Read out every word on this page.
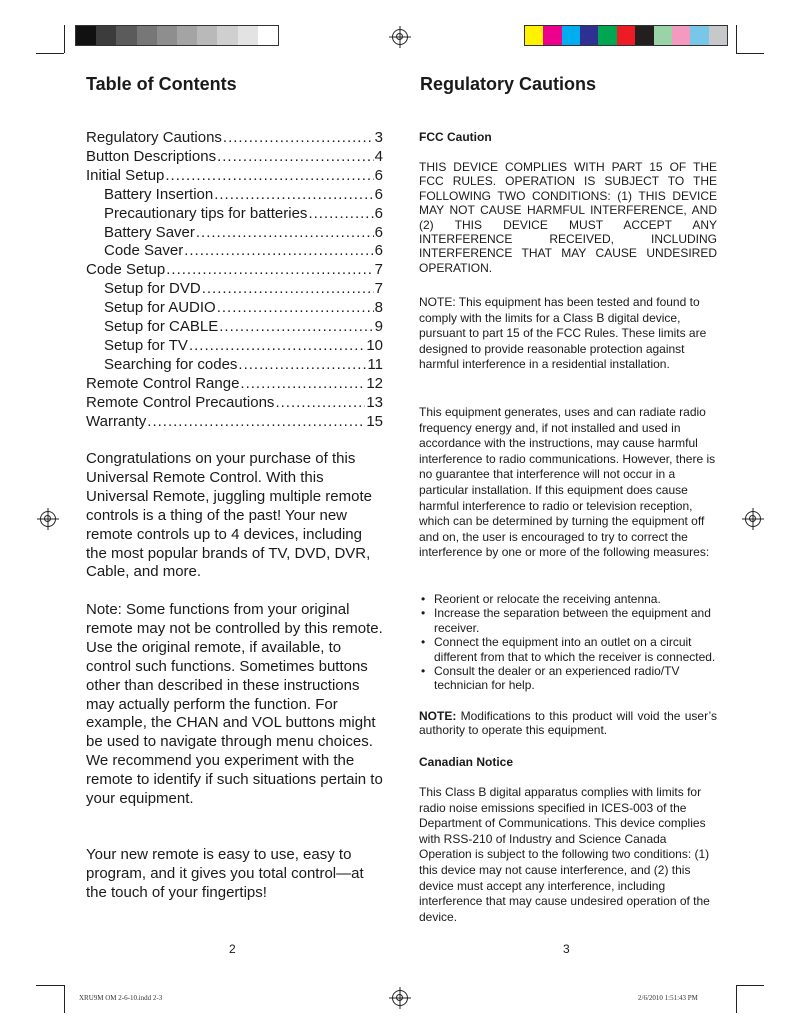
Table of Contents
Regulatory Cautions .....	3
Button Descriptions .....	4
Initial Setup .....	6
Battery Insertion .....	6
Precautionary tips for batteries .....	6
Battery Saver .....	6
Code Saver .....	6
Code Setup .....	7
Setup for DVD .....	7
Setup for AUDIO .....	8
Setup for CABLE .....	9
Setup for TV .....	10
Searching for codes .....	11
Remote Control Range .....	12
Remote Control Precautions .....	13
Warranty .....	15

Congratulations on your purchase of this Universal Remote Control. With this Universal Remote, juggling multiple remote controls is a thing of the past! Your new remote controls up to 4 devices, including the most popular brands of TV, DVD, DVR, Cable, and more.

Note: Some functions from your original remote may not be controlled by this remote. Use the original remote, if available, to control such functions. Sometimes buttons other than described in these instructions may actually perform the function. For example, the CHAN and VOL buttons might be used to navigate through menu choices. We recommend you experiment with the remote to identify if such situations pertain to your equipment.

Your new remote is easy to use, easy to program, and it gives you total control—at the touch of your fingertips!

2
Regulatory Cautions

FCC Caution

THIS DEVICE COMPLIES WITH PART 15 OF THE FCC RULES. OPERATION IS SUBJECT TO THE FOLLOWING TWO CONDITIONS: (1) THIS DEVICE MAY NOT CAUSE HARMFUL INTERFERENCE, AND (2) THIS DEVICE MUST ACCEPT ANY INTERFERENCE RECEIVED, INCLUDING INTERFERENCE THAT MAY CAUSE UNDESIRED OPERATION.

NOTE: This equipment has been tested and found to comply with the limits for a Class B digital device, pursuant to part 15 of the FCC Rules. These limits are designed to provide reasonable protection against harmful interference in a residential installation.

This equipment generates, uses and can radiate radio frequency energy and, if not installed and used in accordance with the instructions, may cause harmful interference to radio communications. However, there is no guarantee that interference will not occur in a particular installation. If this equipment does cause harmful interference to radio or television reception, which can be determined by turning the equipment off and on, the user is encouraged to try to correct the interference by one or more of the following measures:

• Reorient or relocate the receiving antenna.
• Increase the separation between the equipment and receiver.
• Connect the equipment into an outlet on a circuit different from that to which the receiver is connected.
• Consult the dealer or an experienced radio/TV technician for help.

NOTE: Modifications to this product will void the user’s authority to operate this equipment.

Canadian Notice

This Class B digital apparatus complies with limits for radio noise emissions specified in ICES-003 of the Department of Communications. This device complies with RSS-210 of Industry and Science Canada Operation is subject to the following two conditions: (1) this device may not cause interference, and (2) this device must accept any interference, including interference that may cause undesired operation of the device.

3
XRU9M OM 2-6-10.indd 2-3	2/6/2010 1:51:43 PM
